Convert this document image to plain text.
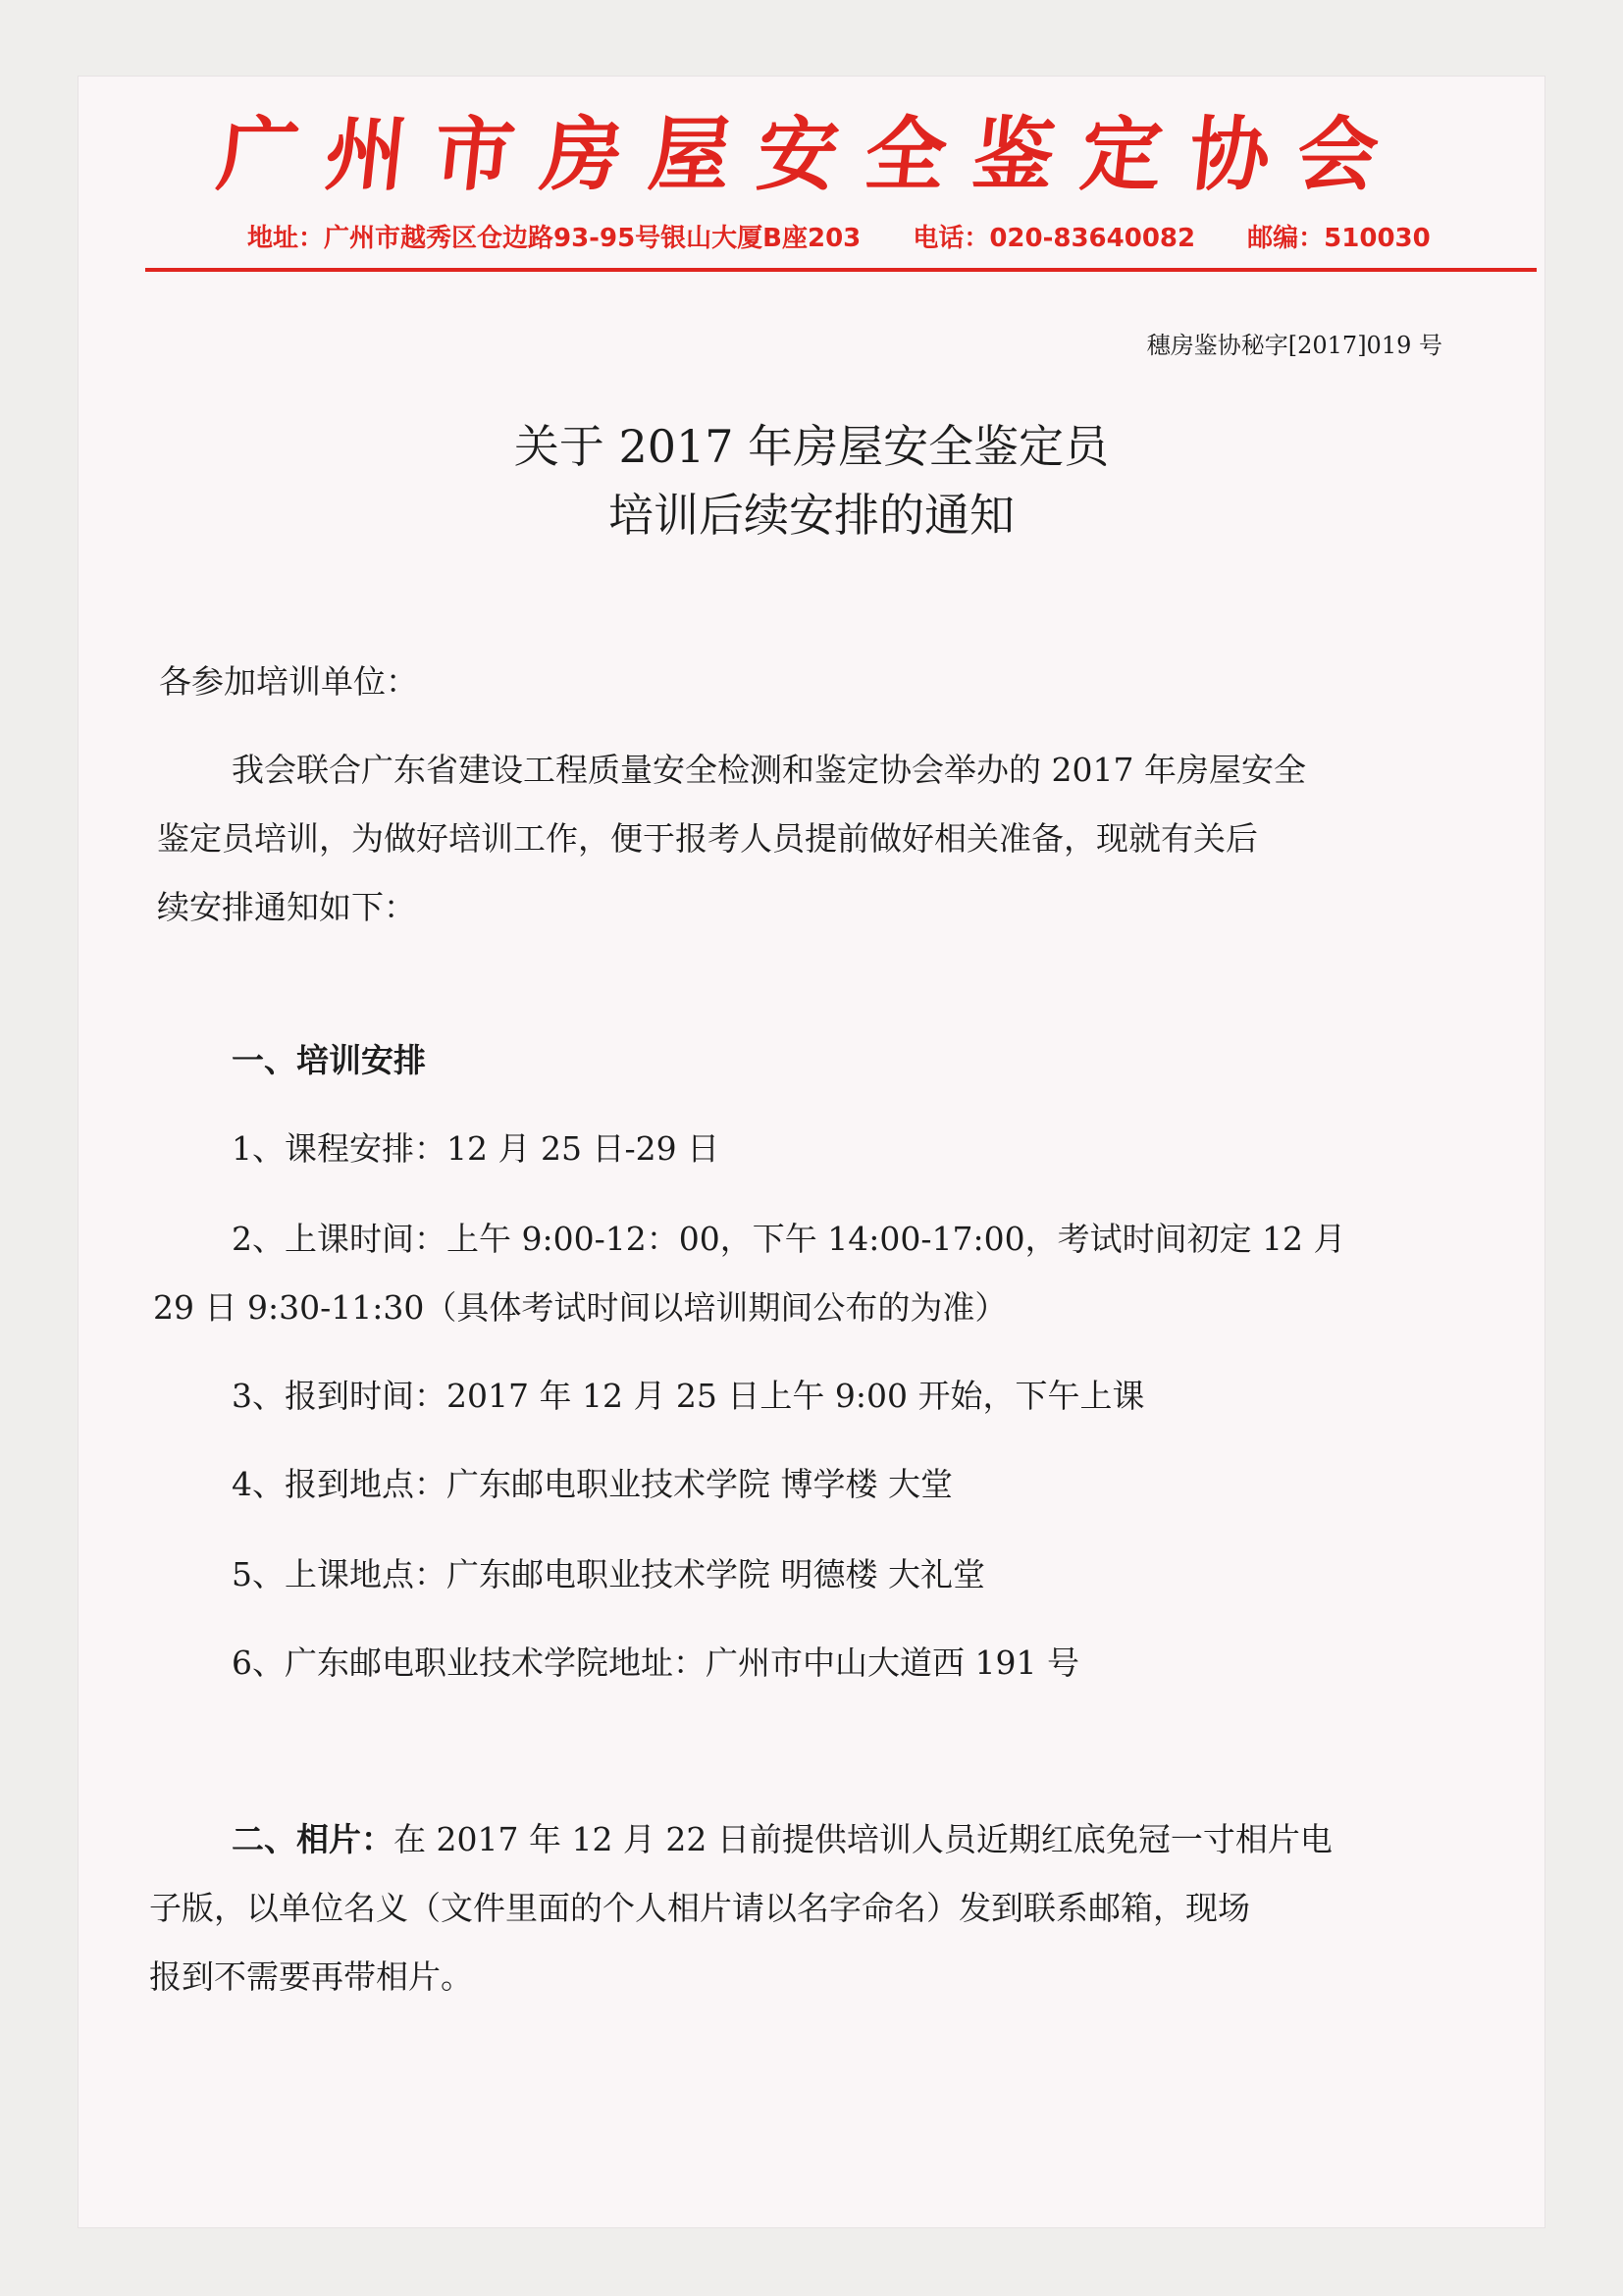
广州市房屋安全鉴定协会
地址：广州市越秀区仓边路93-95号银山大厦B座203 电话：020-83640082 邮编：510030
穗房鉴协秘字[2017]019 号
关于 2017 年房屋安全鉴定员
培训后续安排的通知
各参加培训单位：
我会联合广东省建设工程质量安全检测和鉴定协会举办的 2017 年房屋安全
鉴定员培训，为做好培训工作，便于报考人员提前做好相关准备，现就有关后
续安排通知如下：
一、培训安排
1、课程安排：12 月 25 日-29 日
2、上课时间：上午 9:00-12：00，下午 14:00-17:00，考试时间初定 12 月
29 日 9:30-11:30（具体考试时间以培训期间公布的为准）
3、报到时间：2017 年 12 月 25 日上午 9:00 开始，下午上课
4、报到地点：广东邮电职业技术学院 博学楼 大堂
5、上课地点：广东邮电职业技术学院 明德楼 大礼堂
6、广东邮电职业技术学院地址：广州市中山大道西 191 号
二、相片：在 2017 年 12 月 22 日前提供培训人员近期红底免冠一寸相片电
子版，以单位名义（文件里面的个人相片请以名字命名）发到联系邮箱，现场
报到不需要再带相片。
